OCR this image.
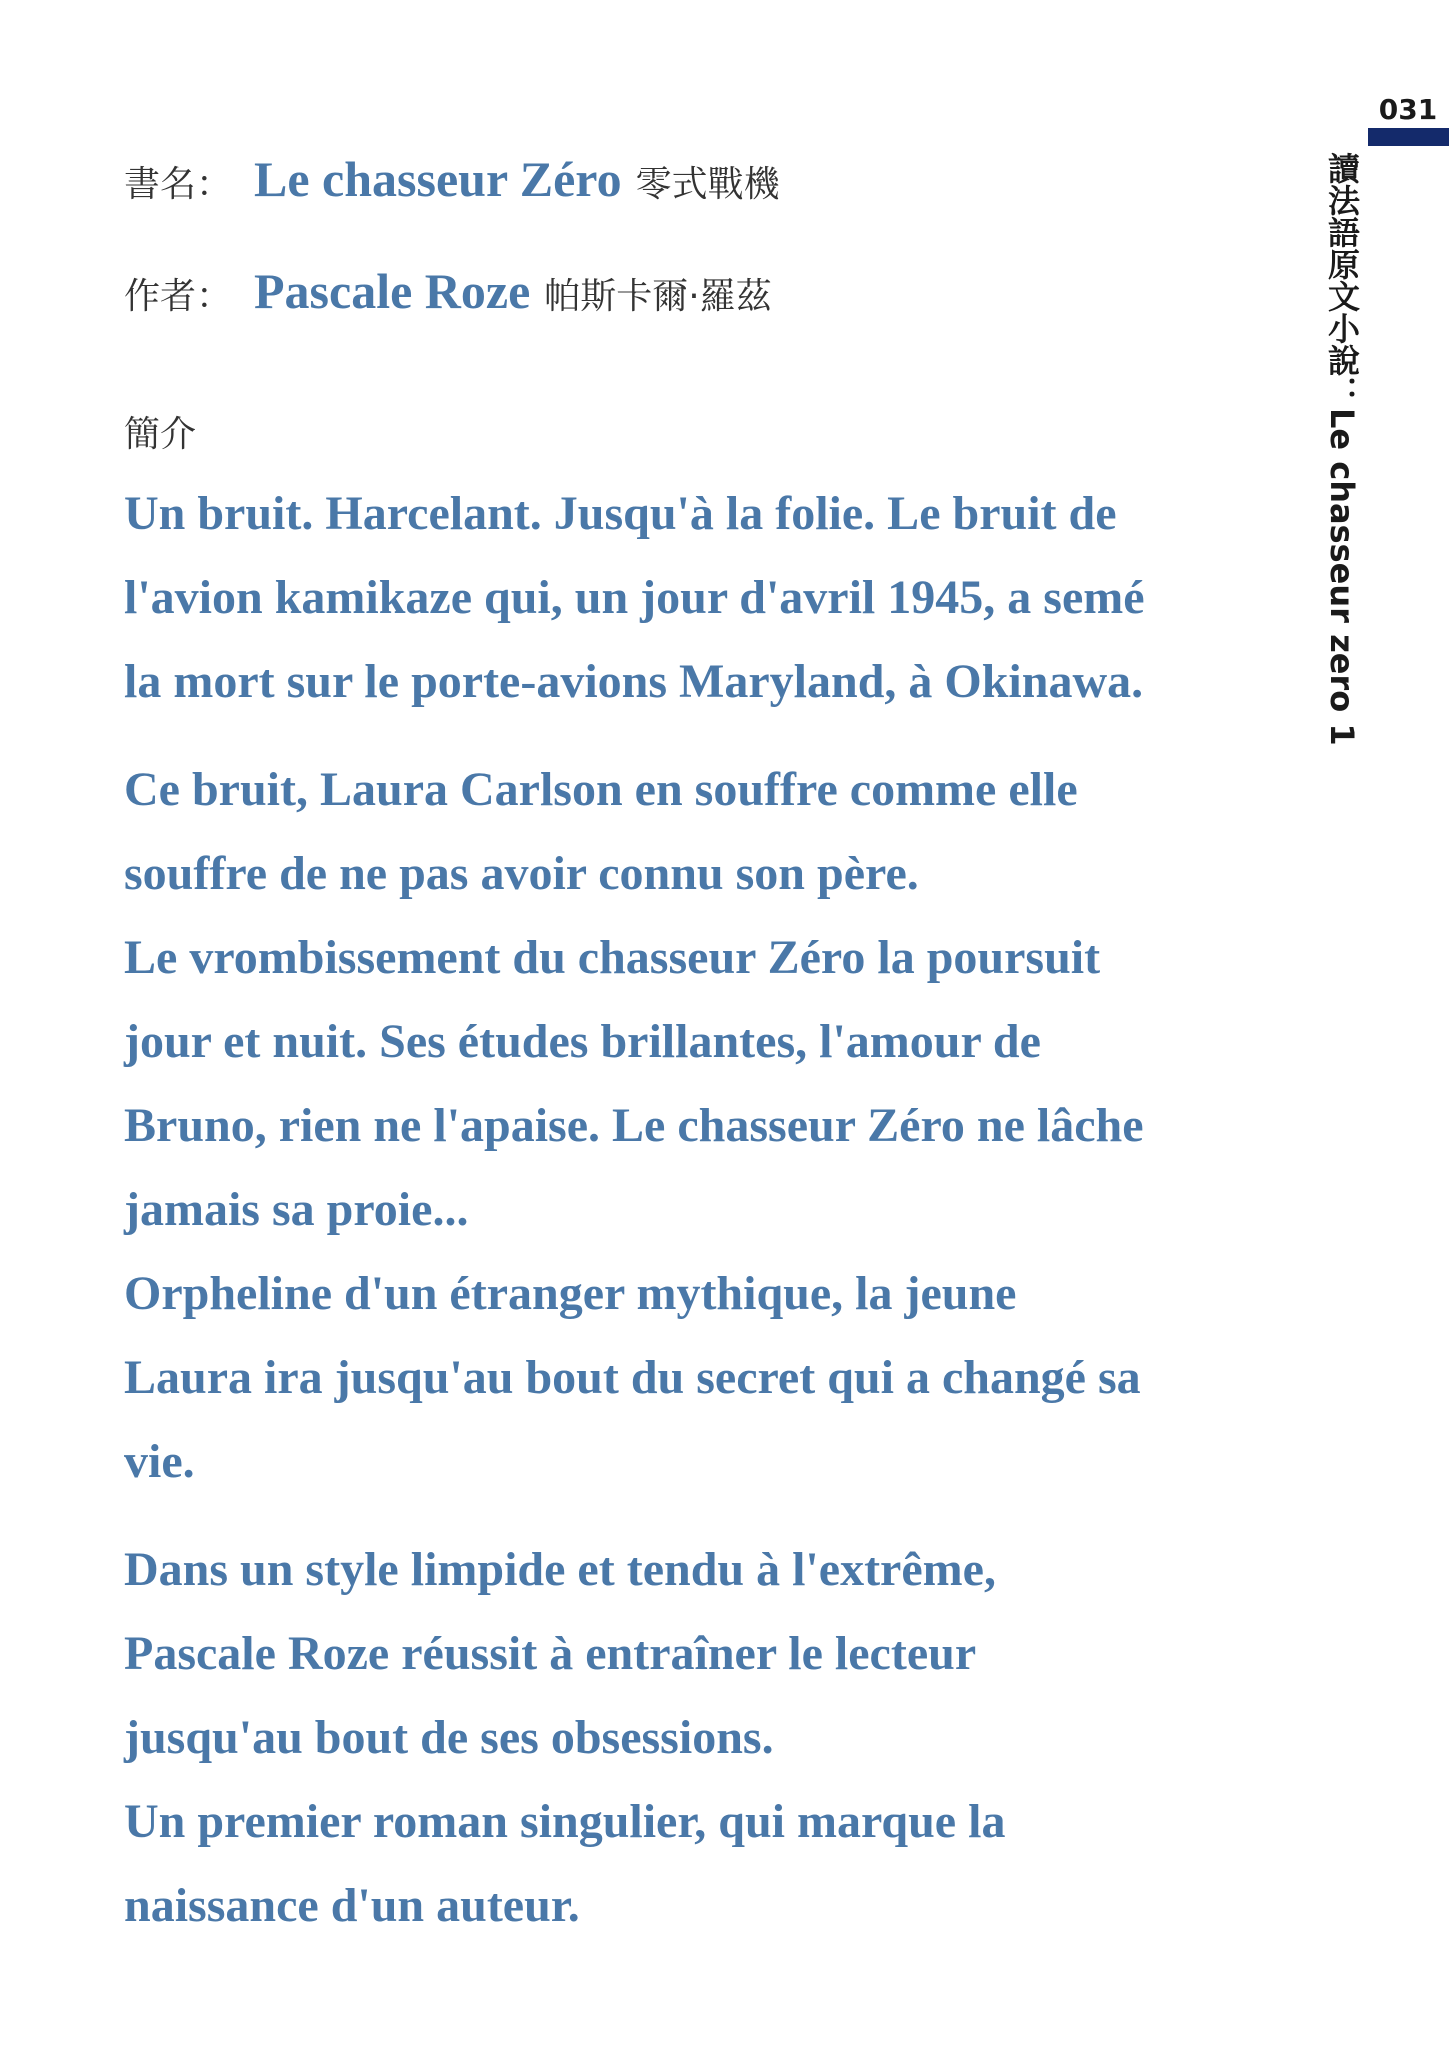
031
讀法語原文小說：Le chasseur zero 1
書名： Le chasseur Zéro 零式戰機
作者： Pascale Roze 帕斯卡爾·羅茲
簡介
Un bruit. Harcelant. Jusqu'à la folie. Le bruit de
l'avion kamikaze qui, un jour d'avril 1945, a semé
la mort sur le porte-avions Maryland, à Okinawa.
Ce bruit, Laura Carlson en souffre comme elle
souffre de ne pas avoir connu son père.
Le vrombissement du chasseur Zéro la poursuit
jour et nuit. Ses études brillantes, l'amour de
Bruno, rien ne l'apaise. Le chasseur Zéro ne lâche
jamais sa proie...
Orpheline d'un étranger mythique, la jeune
Laura ira jusqu'au bout du secret qui a changé sa
vie.
Dans un style limpide et tendu à l'extrême,
Pascale Roze réussit à entraîner le lecteur
jusqu'au bout de ses obsessions.
Un premier roman singulier, qui marque la
naissance d'un auteur.
